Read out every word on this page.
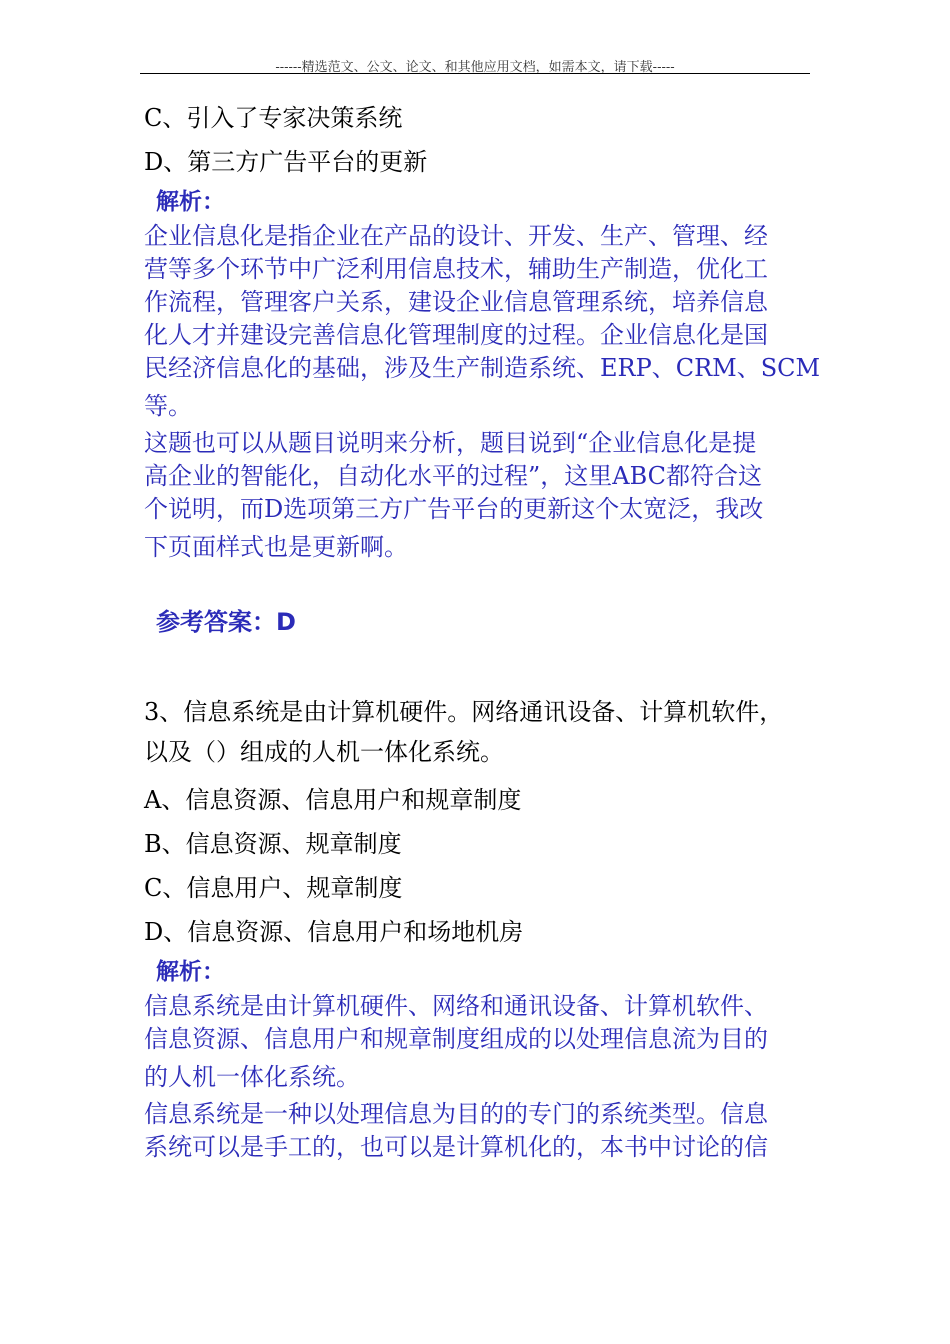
------精选范文、公文、论文、和其他应用文档，如需本文，请下载-----
C、引入了专家决策系统
D、第三方广告平台的更新
解析：

企业信息化是指企业在产品的设计、开发、生产、管理、经
营等多个环节中广泛利用信息技术，辅助生产制造，优化工
作流程，管理客户关系，建设企业信息管理系统，培养信息
化人才并建设完善信息化管理制度的过程。企业信息化是国
民经济信息化的基础，涉及生产制造系统、ERP、CRM、SCM
等。

这题也可以从题目说明来分析，题目说到“企业信息化是提
高企业的智能化，自动化水平的过程”，这里ABC都符合这
个说明，而D选项第三方广告平台的更新这个太宽泛，我改
下页面样式也是更新啊。

参考答案：D

3、信息系统是由计算机硬件。网络通讯设备、计算机软件，
以及（）组成的人机一体化系统。

A、信息资源、信息用户和规章制度
B、信息资源、规章制度
C、信息用户、规章制度
D、信息资源、信息用户和场地机房
解析：

信息系统是由计算机硬件、网络和通讯设备、计算机软件、
信息资源、信息用户和规章制度组成的以处理信息流为目的
的人机一体化系统。

信息系统是一种以处理信息为目的的专门的系统类型。信息
系统可以是手工的，也可以是计算机化的，本书中讨论的信
